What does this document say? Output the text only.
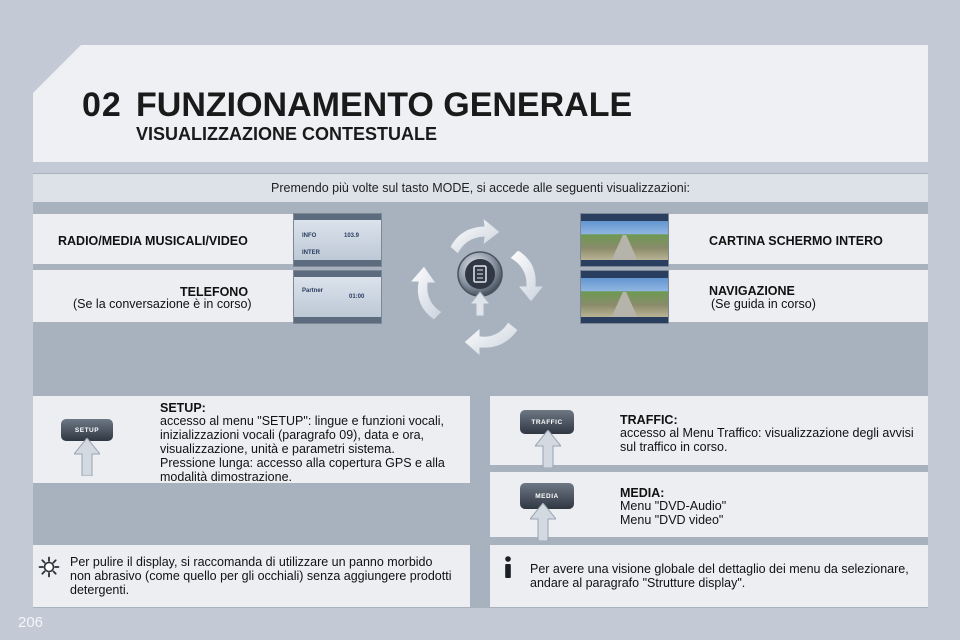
02 FUNZIONAMENTO GENERALE
VISUALIZZAZIONE CONTESTUALE
Premendo più volte sul tasto MODE, si accede alle seguenti visualizzazioni:
RADIO/MEDIA MUSICALI/VIDEO
TELEFONO
(Se la conversazione è in corso)
CARTINA SCHERMO INTERO
NAVIGAZIONE
(Se guida in corso)
INFO	103.9
INTER
Partner
01:00
SETUP
SETUP:
accesso al menu "SETUP": lingue e funzioni vocali,
inizializzazioni vocali (paragrafo 09), data e ora,
visualizzazione, unità e parametri sistema.
Pressione lunga: accesso alla copertura GPS e alla
modalità dimostrazione.
TRAFFIC	TRAFFIC:
accesso al Menu Traffico: visualizzazione degli avvisi
sul traffico in corso.
MEDIA	MEDIA:
Menu "DVD-Audio"
Menu "DVD video"
Per pulire il display, si raccomanda di utilizzare un panno morbido
non abrasivo (come quello per gli occhiali) senza aggiungere prodotti
detergenti.
Per avere una visione globale del dettaglio dei menu da selezionare,
andare al paragrafo "Strutture display".
206
